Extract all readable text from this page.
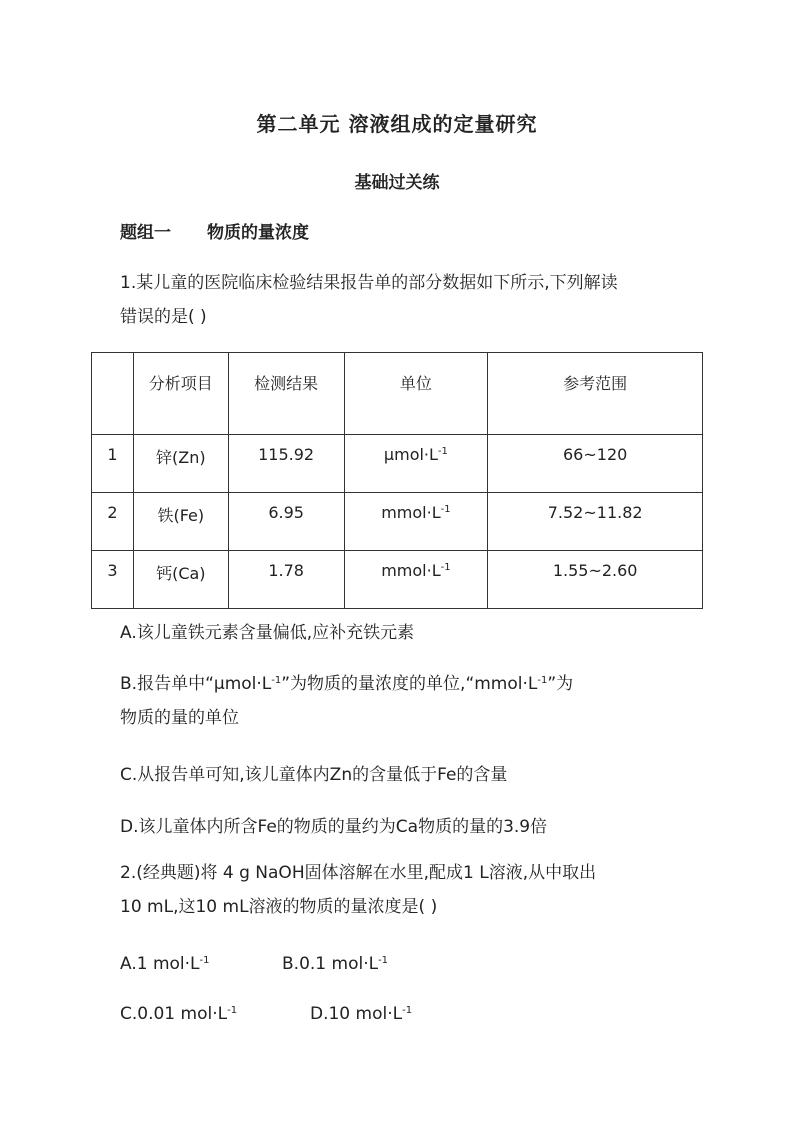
第二单元 溶液组成的定量研究
基础过关练
题组一 物质的量浓度
1.某儿童的医院临床检验结果报告单的部分数据如下所示,下列解读
错误的是( )
	分析项目	检测结果	单位	参考范围
1	锌(Zn)	115.92	$\mu mol\cdot L^{-1}$	66~120
2	铁(Fe)	6.95	$mmol\cdot L^{-1}$	7.52~11.82
3	钙(Ca)	1.78	$mmol\cdot L^{-1}$	1.55~2.60
A.该儿童铁元素含量偏低,应补充铁元素
B.报告单中“$\mu mol\cdot L^{-1}$”为物质的量浓度的单位$,“mmol\cdot L^{-1}$”为
物质的量的单位
C.从报告单可知,该儿童体内Zn的含量低于Fe的含量
D.该儿童体内所含Fe的物质的量约为Ca物质的量的3.9倍
2.(经典题)将 4 g NaOH固体溶解在水里,配成1 L溶液,从中取出
10 mL,这10 mL溶液的物质的量浓度是( )
A.1 $mol\cdot L^{-1}$	B.0.1 $mol\cdot L^{-1}$
C.0.01 $mol\cdot L^{-1}$	D.10 $mol\cdot L^{-1}$
